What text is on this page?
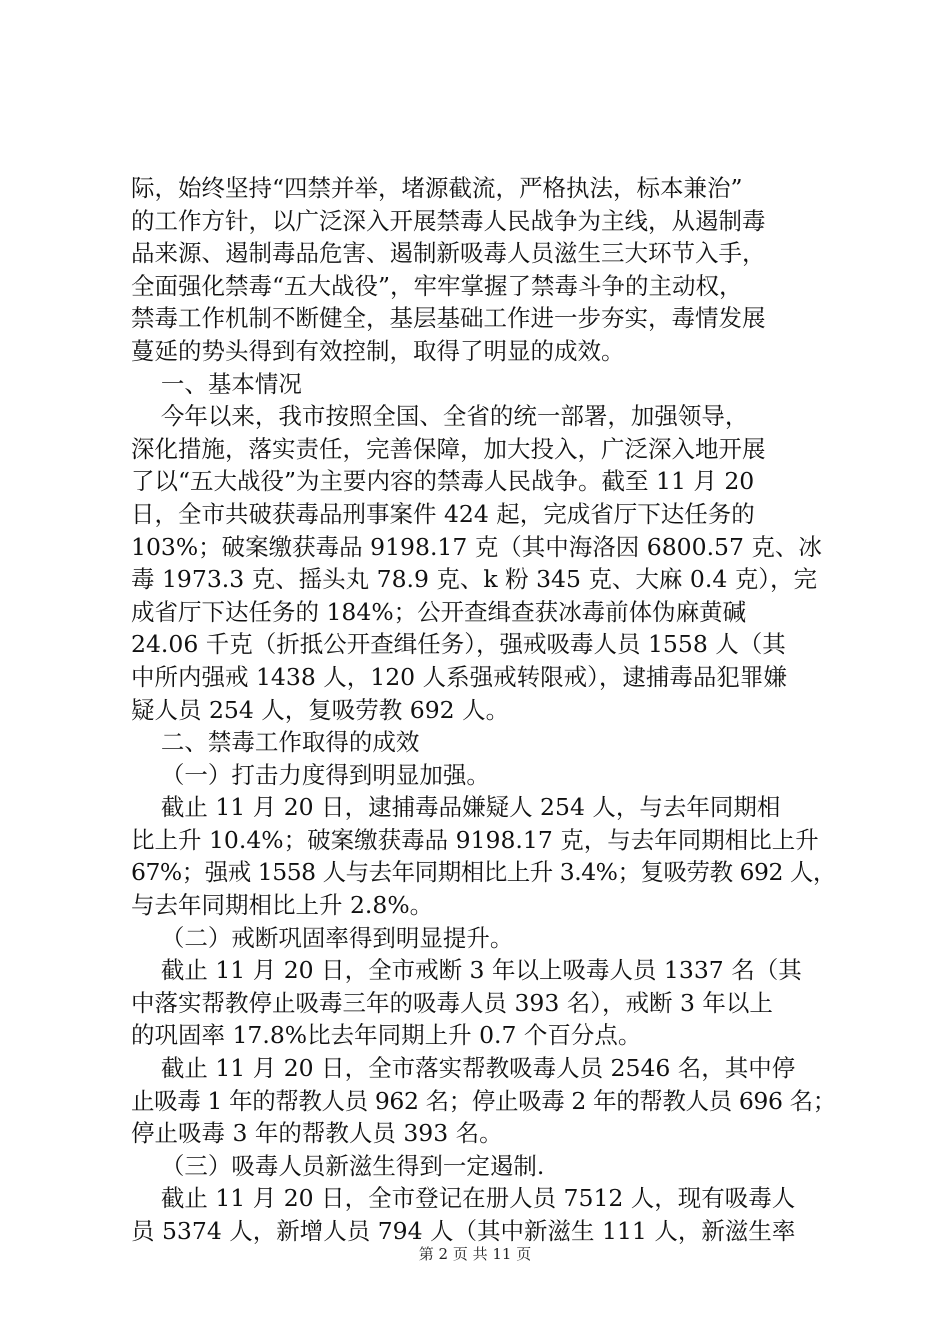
际，始终坚持“四禁并举，堵源截流，严格执法，标本兼治”
的工作方针，以广泛深入开展禁毒人民战争为主线，从遏制毒
品来源、遏制毒品危害、遏制新吸毒人员滋生三大环节入手，
全面强化禁毒“五大战役”，牢牢掌握了禁毒斗争的主动权，
禁毒工作机制不断健全，基层基础工作进一步夯实，毒情发展
蔓延的势头得到有效控制，取得了明显的成效。
一、基本情况
今年以来，我市按照全国、全省的统一部署，加强领导，
深化措施，落实责任，完善保障，加大投入，广泛深入地开展
了以“五大战役”为主要内容的禁毒人民战争。截至 11 月 20
日，全市共破获毒品刑事案件 424 起，完成省厅下达任务的
103%；破案缴获毒品 9198.17 克（其中海洛因 6800.57 克、冰
毒 1973.3 克、摇头丸 78.9 克、k 粉 345 克、大麻 0.4 克），完
成省厅下达任务的 184%；公开查缉查获冰毒前体伪麻黄碱
24.06 千克（折抵公开查缉任务），强戒吸毒人员 1558 人（其
中所内强戒 1438 人，120 人系强戒转限戒），逮捕毒品犯罪嫌
疑人员 254 人，复吸劳教 692 人。
二、禁毒工作取得的成效
（一）打击力度得到明显加强。
截止 11 月 20 日，逮捕毒品嫌疑人 254 人，与去年同期相
比上升 10.4%；破案缴获毒品 9198.17 克，与去年同期相比上升
67%；强戒 1558 人与去年同期相比上升 3.4%；复吸劳教 692 人，
与去年同期相比上升 2.8%。
（二）戒断巩固率得到明显提升。
截止 11 月 20 日，全市戒断 3 年以上吸毒人员 1337 名（其
中落实帮教停止吸毒三年的吸毒人员 393 名），戒断 3 年以上
的巩固率 17.8%比去年同期上升 0.7 个百分点。
截止 11 月 20 日，全市落实帮教吸毒人员 2546 名，其中停
止吸毒 1 年的帮教人员 962 名；停止吸毒 2 年的帮教人员 696 名；
停止吸毒 3 年的帮教人员 393 名。
（三）吸毒人员新滋生得到一定遏制.
截止 11 月 20 日，全市登记在册人员 7512 人，现有吸毒人
员 5374 人，新增人员 794 人（其中新滋生 111 人，新滋生率
第 2 页 共 11 页
